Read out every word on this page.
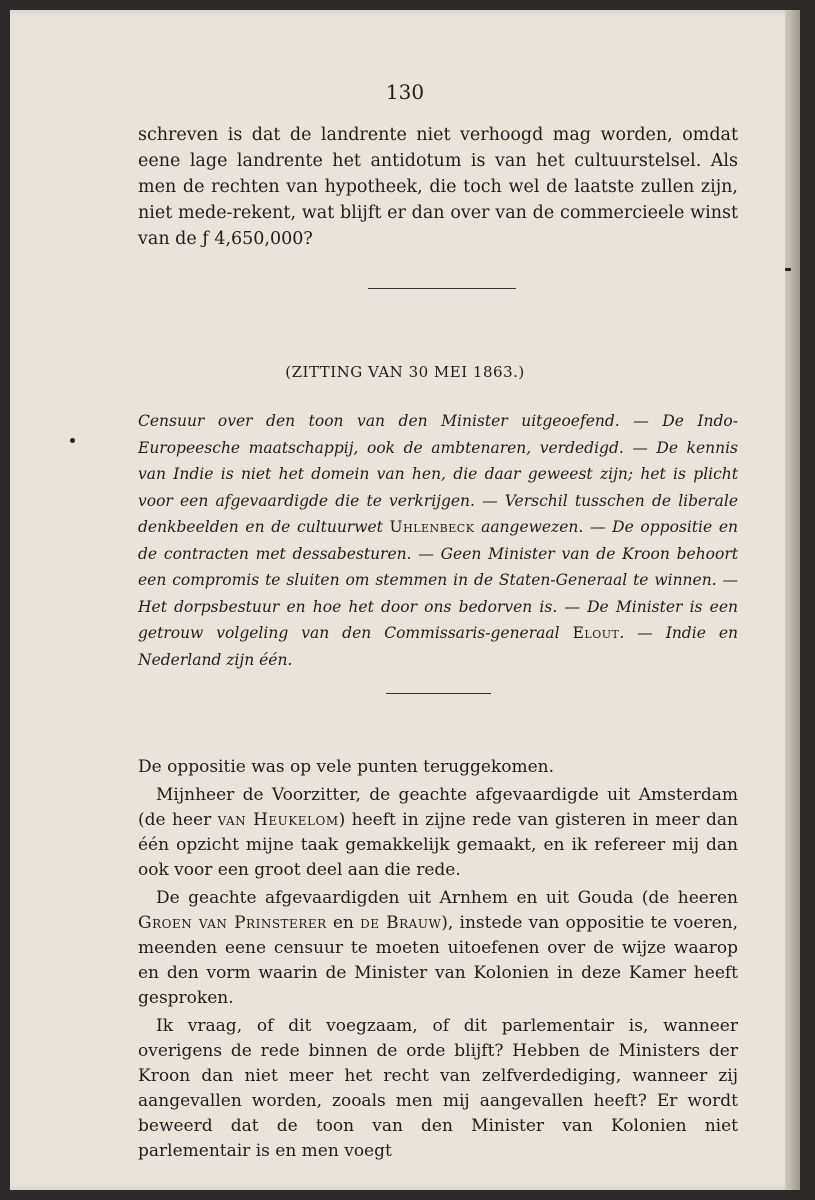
130
schreven is dat de landrente niet verhoogd mag worden, omdat eene lage landrente het antidotum is van het cultuurstelsel. Als men de rechten van hypotheek, die toch wel de laatste zullen zijn, niet mede-rekent, wat blijft er dan over van de commercieele winst van de ƒ 4,650,000?
(ZITTING VAN 30 MEI 1863.)
Censuur over den toon van den Minister uitgeoefend. — De Indo-Europeesche maatschappij, ook de ambtenaren, verdedigd. — De kennis van Indie is niet het domein van hen, die daar geweest zijn; het is plicht voor een afgevaardigde die te verkrijgen. — Verschil tusschen de liberale denkbeelden en de cultuurwet Uhlenbeck aangewezen. — De oppositie en de contracten met dessabesturen. — Geen Minister van de Kroon behoort een compromis te sluiten om stemmen in de Staten-Generaal te winnen. — Het dorpsbestuur en hoe het door ons bedorven is. — De Minister is een getrouw volgeling van den Commissaris-generaal Elout. — Indie en Nederland zijn één.

De oppositie was op vele punten teruggekomen.

Mijnheer de Voorzitter, de geachte afgevaardigde uit Amsterdam (de heer van Heukelom) heeft in zijne rede van gisteren in meer dan één opzicht mijne taak gemakkelijk gemaakt, en ik refereer mij dan ook voor een groot deel aan die rede.

De geachte afgevaardigden uit Arnhem en uit Gouda (de heeren Groen van Prinsterer en de Brauw), instede van oppositie te voeren, meenden eene censuur te moeten uitoefenen over de wijze waarop en den vorm waarin de Minister van Kolonien in deze Kamer heeft gesproken.

Ik vraag, of dit voegzaam, of dit parlementair is, wanneer overigens de rede binnen de orde blijft? Hebben de Ministers der Kroon dan niet meer het recht van zelfverdediging, wanneer zij aangevallen worden, zooals men mij aangevallen heeft? Er wordt beweerd dat de toon van den Minister van Kolonien niet parlementair is en men voegt
